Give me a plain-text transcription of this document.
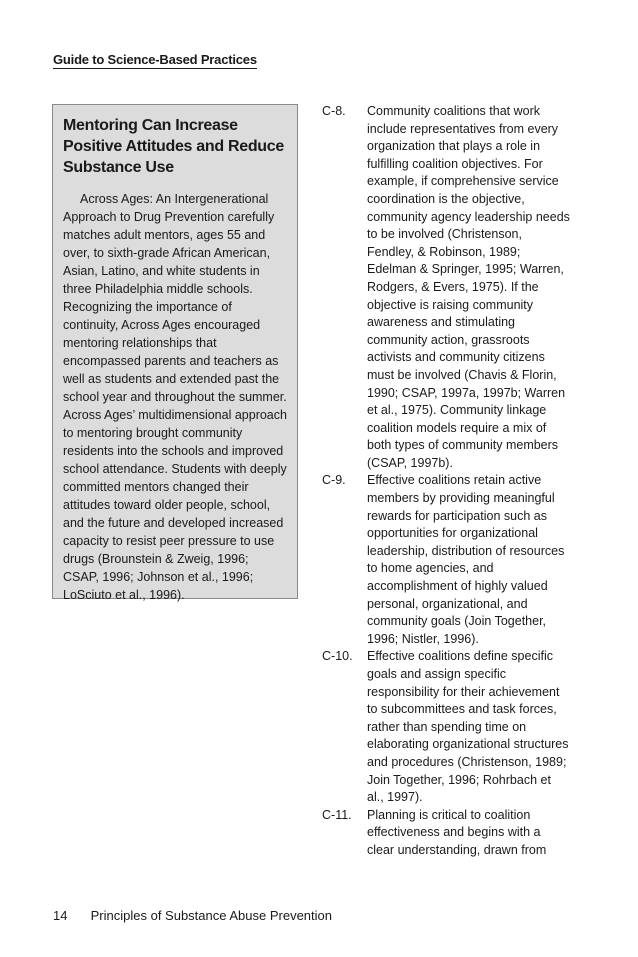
Guide to Science-Based Practices
Mentoring Can Increase Positive Attitudes and Reduce Substance Use

Across Ages: An Intergenerational Approach to Drug Prevention carefully matches adult mentors, ages 55 and over, to sixth-grade African American, Asian, Latino, and white students in three Philadelphia middle schools. Recognizing the importance of continuity, Across Ages encouraged mentoring relationships that encompassed parents and teachers as well as students and extended past the school year and throughout the summer. Across Ages’ multidimensional approach to mentoring brought community residents into the schools and improved school attendance. Students with deeply committed mentors changed their attitudes toward older people, school, and the future and developed increased capacity to resist peer pressure to use drugs (Brounstein & Zweig, 1996; CSAP, 1996; Johnson et al., 1996; LoSciuto et al., 1996).

C-8.	Community coalitions that work include representatives from every organization that plays a role in fulfilling coalition objectives. For example, if comprehensive service coordination is the objective, community agency leadership needs to be involved (Christenson, Fendley, & Robinson, 1989; Edelman & Springer, 1995; Warren, Rodgers, & Evers, 1975). If the objective is raising community awareness and stimulating community action, grassroots activists and community citizens must be involved (Chavis & Florin, 1990; CSAP, 1997a, 1997b; Warren et al., 1975). Community linkage coalition models require a mix of both types of community members (CSAP, 1997b).
C-9.	Effective coalitions retain active members by providing meaningful rewards for participation such as opportunities for organizational leadership, distribution of resources to home agencies, and accomplishment of highly valued personal, organizational, and community goals (Join Together, 1996; Nistler, 1996).
C-10.	Effective coalitions define specific goals and assign specific responsibility for their achievement to subcommittees and task forces, rather than spending time on elaborating organizational structures and procedures (Christenson, 1989; Join Together, 1996; Rohrbach et al., 1997).
C-11.	Planning is critical to coalition effectiveness and begins with a clear understanding, drawn from
14 Principles of Substance Abuse Prevention
